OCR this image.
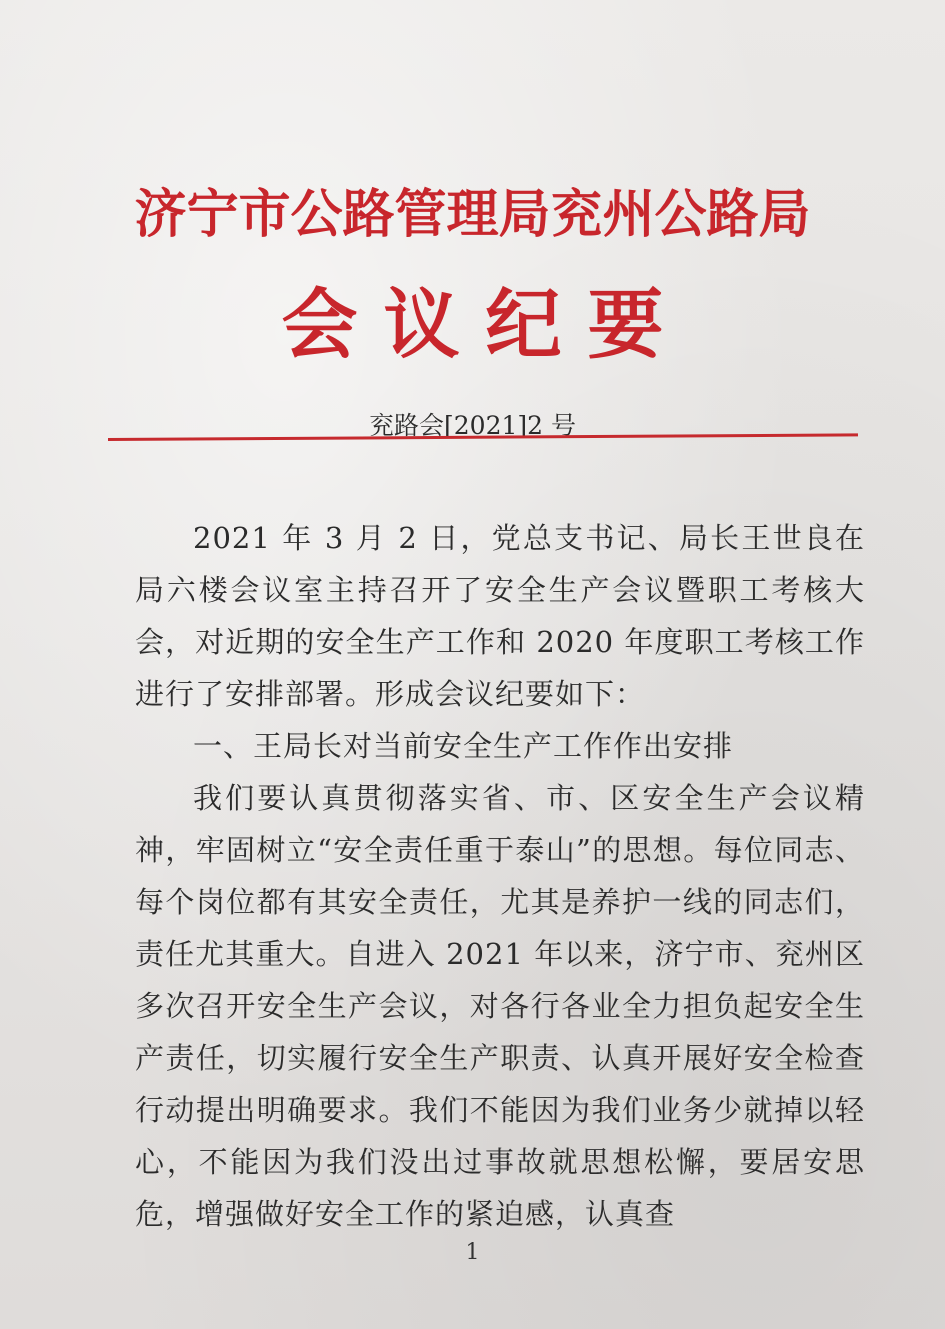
济宁市公路管理局兖州公路局
会议纪要
兖路会[2021]2 号

2021 年 3 月 2 日，党总支书记、局长王世良在局六楼会议室主持召开了安全生产会议暨职工考核大会，对近期的安全生产工作和 2020 年度职工考核工作进行了安排部署。形成会议纪要如下：

一、王局长对当前安全生产工作作出安排

我们要认真贯彻落实省、市、区安全生产会议精神，牢固树立“安全责任重于泰山”的思想。每位同志、每个岗位都有其安全责任，尤其是养护一线的同志们，责任尤其重大。自进入 2021 年以来，济宁市、兖州区多次召开安全生产会议，对各行各业全力担负起安全生产责任，切实履行安全生产职责、认真开展好安全检查行动提出明确要求。我们不能因为我们业务少就掉以轻心，不能因为我们没出过事故就思想松懈，要居安思危，增强做好安全工作的紧迫感，认真查

1
